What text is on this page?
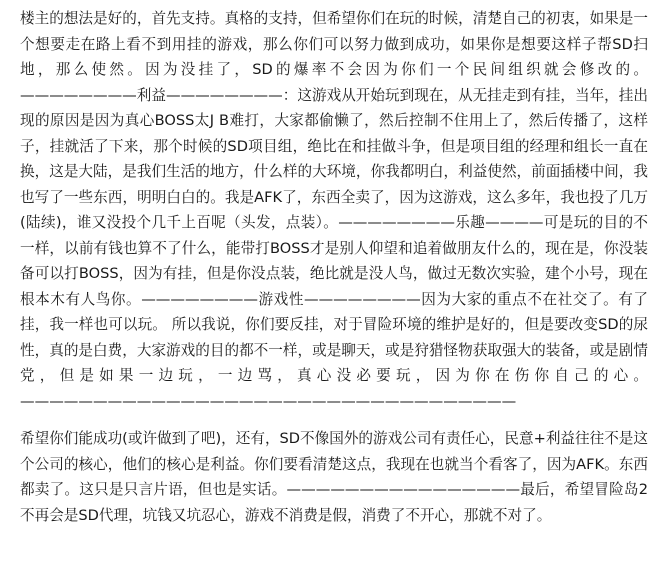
楼主的想法是好的，首先支持。真格的支持，但希望你们在玩的时候，清楚自己的初衷，如果是一个想要走在路上看不到用挂的游戏，那么你们可以努力做到成功，如果你是想要这样子帮SD扫地，那么使然。因为没挂了，SD的爆率不会因为你们一个民间组织就会修改的。————————利益————————：这游戏从开始玩到现在，从无挂走到有挂，当年，挂出现的原因是因为真心BOSS太J B难打，大家都偷懒了，然后控制不住用上了，然后传播了，这样子，挂就活了下来，那个时候的SD项目组，绝比在和挂做斗争，但是项目组的经理和组长一直在换，这是大陆，是我们生活的地方，什么样的大环境，你我都明白，利益使然，前面插楼中间，我也写了一些东西，明明白白的。我是AFK了，东西全卖了，因为这游戏，这么多年，我也投了几万(陆续)，谁又没投个几千上百呢（头发，点装）。————————乐趣————可是玩的目的不一样，以前有钱也算不了什么，能带打BOSS才是别人仰望和追着做朋友什么的，现在是，你没装备可以打BOSS，因为有挂，但是你没点装，绝比就是没人鸟，做过无数次实验，建个小号，现在根本木有人鸟你。————————游戏性————————因为大家的重点不在社交了。有了挂，我一样也可以玩。 所以我说，你们要反挂，对于冒险环境的维护是好的，但是要改变SD的尿性，真的是白费，大家游戏的目的都不一样，或是聊天，或是狩猎怪物获取强大的装备，或是剧情党，但是如果一边玩，一边骂，真心没必要玩，因为你在伤你自己的心。——————————————————————————————————

希望你们能成功(或许做到了吧)，还有，SD不像国外的游戏公司有责任心，民意+利益往往不是这个公司的核心，他们的核心是利益。你们要看清楚这点，我现在也就当个看客了，因为AFK。东西都卖了。这只是只言片语，但也是实话。————————————————最后，希望冒险岛2不再会是SD代理，坑钱又坑忍心，游戏不消费是假，消费了不开心，那就不对了。
